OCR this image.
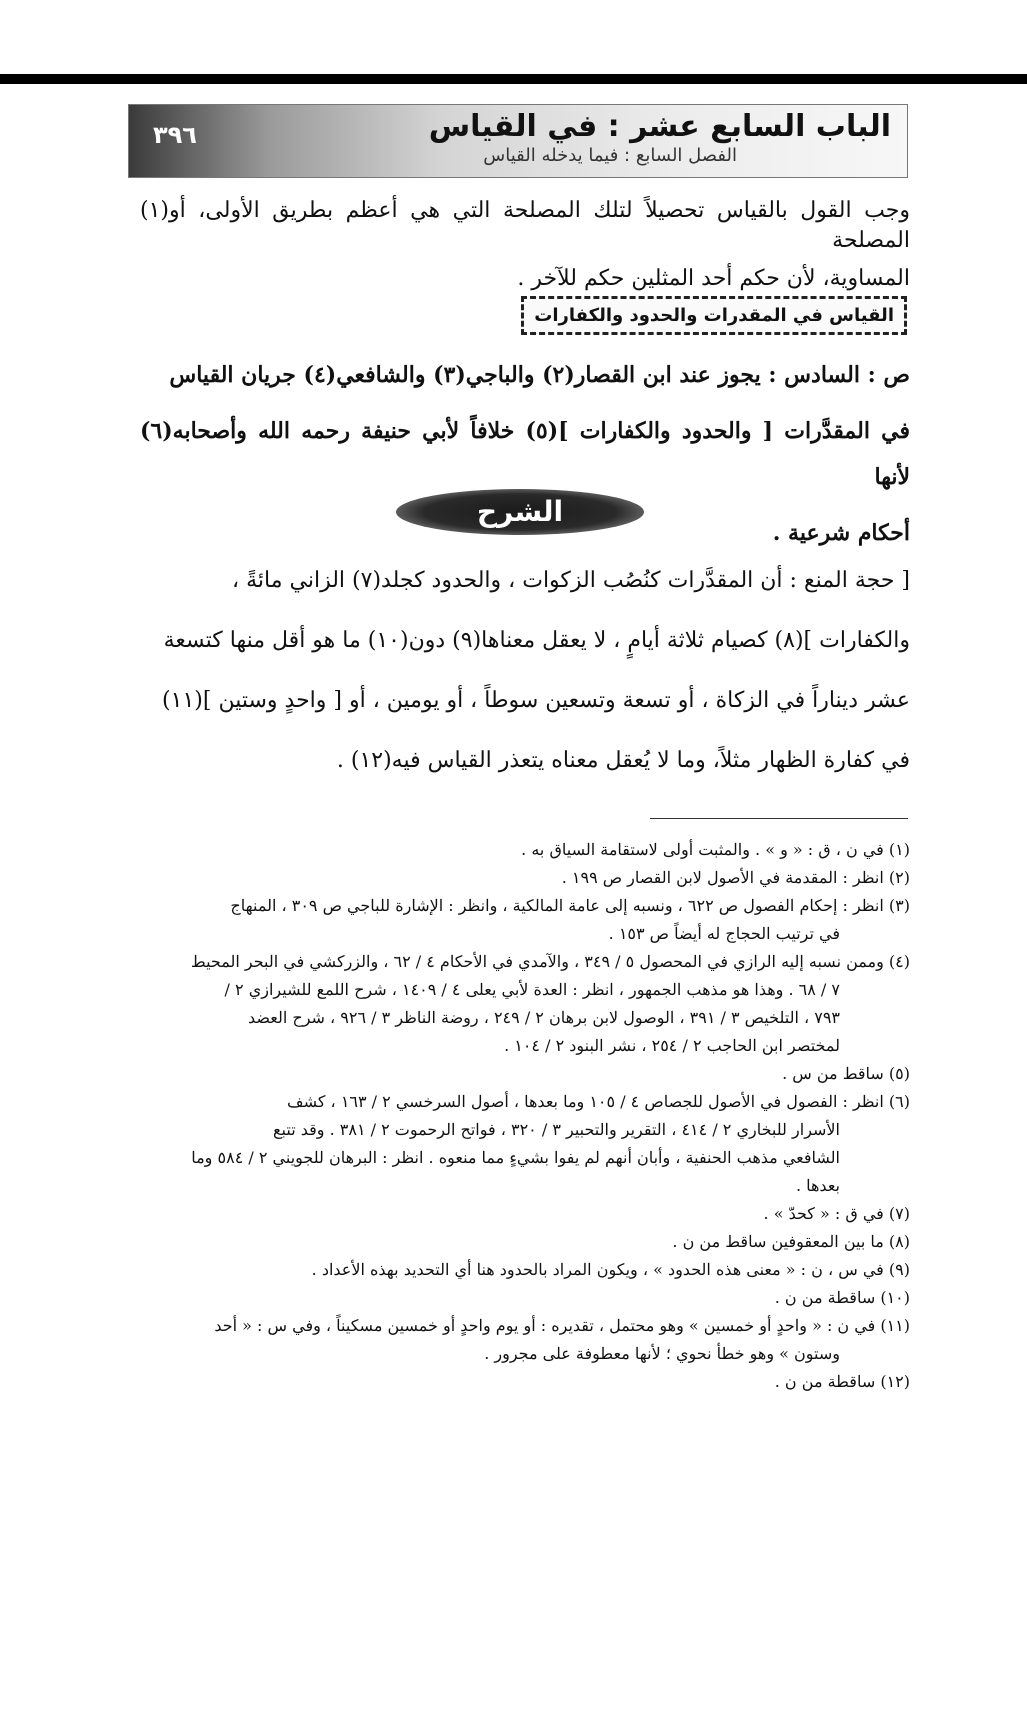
٣٩٦	الباب السابع عشر : في القياس
الفصل السابع : فيما يدخله القياس

وجب القول بالقياس تحصيلاً لتلك المصلحة التي هي أعظم بطريق الأولى، أو(١) المصلحة

المساوية، لأن حكم أحد المثلين حكم للآخر .

القياس في المقدرات والحدود والكفارات

ص : السادس : يجوز عند ابن القصار(٢) والباجي(٣) والشافعي(٤) جريان القياس

في المقدَّرات [ والحدود والكفارات ](٥) خلافاً لأبي حنيفة رحمه الله وأصحابه(٦) لأنها

أحكام شرعية .

الشرح

[ حجة المنع : أن المقدَّرات كنُصُب الزكوات ، والحدود كجلد(٧) الزاني مائةً ،

والكفارات ](٨) كصيام ثلاثة أيامٍ ، لا يعقل معناها(٩) دون(١٠) ما هو أقل منها كتسعة

عشر ديناراً في الزكاة ، أو تسعة وتسعين سوطاً ، أو يومين ، أو [ واحدٍ وستين ](١١)

في كفارة الظهار مثلاً، وما لا يُعقل معناه يتعذر القياس فيه(١٢) .

(١) في ن ، ق : « و » . والمثبت أولى لاستقامة السياق به .

(٢) انظر : المقدمة في الأصول لابن القصار ص ١٩٩ .

(٣) انظر : إحكام الفصول ص ٦٢٢ ، ونسبه إلى عامة المالكية ، وانظر : الإشارة للباجي ص ٣٠٩ ، المنهاج

في ترتيب الحجاج له أيضاً ص ١٥٣ .

(٤) وممن نسبه إليه الرازي في المحصول ٥ / ٣٤٩ ، والآمدي في الأحكام ٤ / ٦٢ ، والزركشي في البحر المحيط

٧ / ٦٨ . وهذا هو مذهب الجمهور ، انظر : العدة لأبي يعلى ٤ / ١٤٠٩ ، شرح اللمع للشيرازي ٢ /

٧٩٣ ، التلخيص ٣ / ٣٩١ ، الوصول لابن برهان ٢ / ٢٤٩ ، روضة الناظر ٣ / ٩٢٦ ، شرح العضد

لمختصر ابن الحاجب ٢ / ٢٥٤ ، نشر البنود ٢ / ١٠٤ .

(٥) ساقط من س .

(٦) انظر : الفصول في الأصول للجصاص ٤ / ١٠٥ وما بعدها ، أصول السرخسي ٢ / ١٦٣ ، كشف

الأسرار للبخاري ٢ / ٤١٤ ، التقرير والتحبير ٣ / ٣٢٠ ، فواتح الرحموت ٢ / ٣٨١ . وقد تتبع

الشافعي مذهب الحنفية ، وأبان أنهم لم يفوا بشيءٍ مما منعوه . انظر : البرهان للجويني ٢ / ٥٨٤ وما

بعدها .

(٧) في ق : « كحدّ » .

(٨) ما بين المعقوفين ساقط من ن .

(٩) في س ، ن : « معنى هذه الحدود » ، ويكون المراد بالحدود هنا أي التحديد بهذه الأعداد .

(١٠) ساقطة من ن .

(١١) في ن : « واحدٍ أو خمسين » وهو محتمل ، تقديره : أو يوم واحدٍ أو خمسين مسكيناً ، وفي س : « أحد

وستون » وهو خطأ نحوي ؛ لأنها معطوفة على مجرور .

(١٢) ساقطة من ن .
